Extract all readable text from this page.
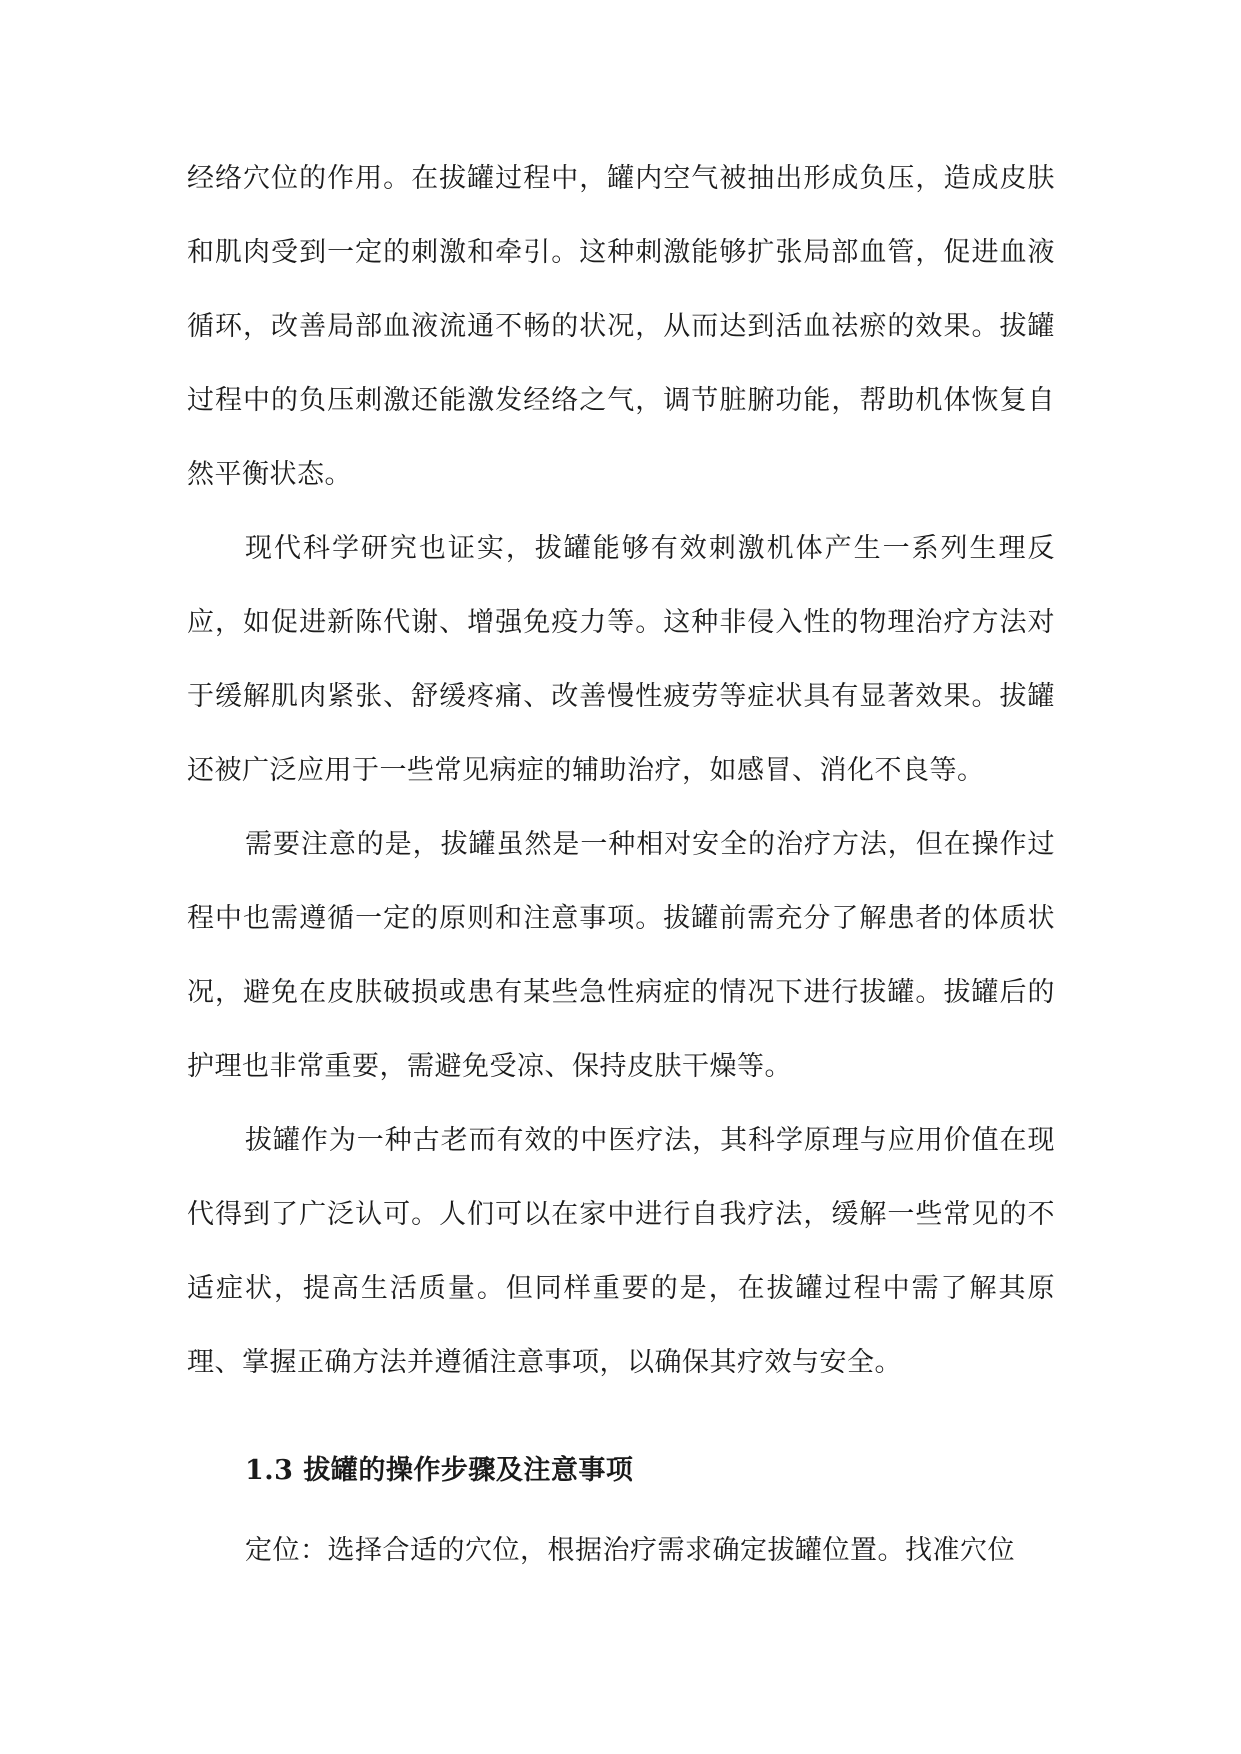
经络穴位的作用。在拔罐过程中，罐内空气被抽出形成负压，造成皮肤和肌肉受到一定的刺激和牵引。这种刺激能够扩张局部血管，促进血液循环，改善局部血液流通不畅的状况，从而达到活血祛瘀的效果。拔罐过程中的负压刺激还能激发经络之气，调节脏腑功能，帮助机体恢复自然平衡状态。

现代科学研究也证实，拔罐能够有效刺激机体产生一系列生理反应，如促进新陈代谢、增强免疫力等。这种非侵入性的物理治疗方法对于缓解肌肉紧张、舒缓疼痛、改善慢性疲劳等症状具有显著效果。拔罐还被广泛应用于一些常见病症的辅助治疗，如感冒、消化不良等。

需要注意的是，拔罐虽然是一种相对安全的治疗方法，但在操作过程中也需遵循一定的原则和注意事项。拔罐前需充分了解患者的体质状况，避免在皮肤破损或患有某些急性病症的情况下进行拔罐。拔罐后的护理也非常重要，需避免受凉、保持皮肤干燥等。

拔罐作为一种古老而有效的中医疗法，其科学原理与应用价值在现代得到了广泛认可。人们可以在家中进行自我疗法，缓解一些常见的不适症状，提高生活质量。但同样重要的是，在拔罐过程中需了解其原理、掌握正确方法并遵循注意事项，以确保其疗效与安全。

1.3 拔罐的操作步骤及注意事项

定位：选择合适的穴位，根据治疗需求确定拔罐位置。找准穴位
